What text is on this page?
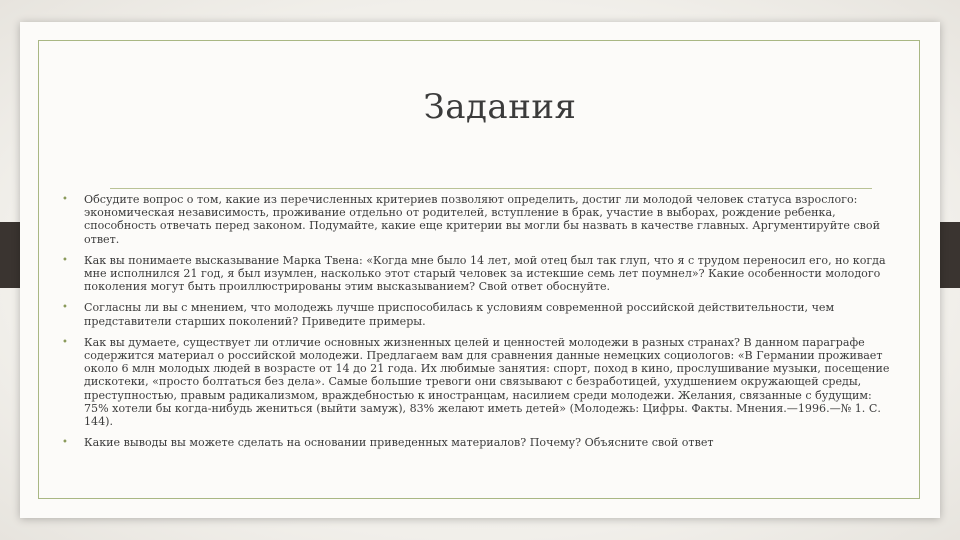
Задания
• Обсудите вопрос о том, какие из перечисленных критериев позволяют определить, достиг ли молодой человек статуса взрослого: экономическая независимость, проживание отдельно от родителей, вступление в брак, участие в выборах, рождение ребенка, способность отвечать перед законом. Подумайте, какие еще критерии вы могли бы назвать в качестве главных. Аргументируйте свой ответ.
• Как вы понимаете высказывание Марка Твена: «Когда мне было 14 лет, мой отец был так глуп, что я с трудом переносил его, но когда мне исполнился 21 год, я был изумлен, насколько этот старый человек за истекшие семь лет поумнел»? Какие особенности молодого поколения могут быть проиллюстрированы этим высказыванием? Свой ответ обоснуйте.
• Согласны ли вы с мнением, что молодежь лучше приспособилась к условиям современной российской действительности, чем представители старших поколений? Приведите примеры.
• Как вы думаете, существует ли отличие основных жизненных целей и ценностей молодежи в разных странах? В данном параграфе содержится материал о российской молодежи. Предлагаем вам для сравнения данные немецких социологов: «В Германии проживает около 6 млн молодых людей в возрасте от 14 до 21 года. Их любимые занятия: спорт, поход в кино, прослушивание музыки, посещение дискотеки, «просто болтаться без дела». Самые большие тревоги они связывают с безработицей, ухудшением окружающей среды, преступностью, правым радикализмом, враждебностью к иностранцам, насилием среди молодежи. Желания, связанные с будущим: 75% хотели бы когда-нибудь жениться (выйти замуж), 83% желают иметь детей» (Молодежь: Цифры. Факты. Мнения.—1996.—№ 1. С. 144).
• Какие выводы вы можете сделать на основании приведенных материалов? Почему? Объясните свой ответ
